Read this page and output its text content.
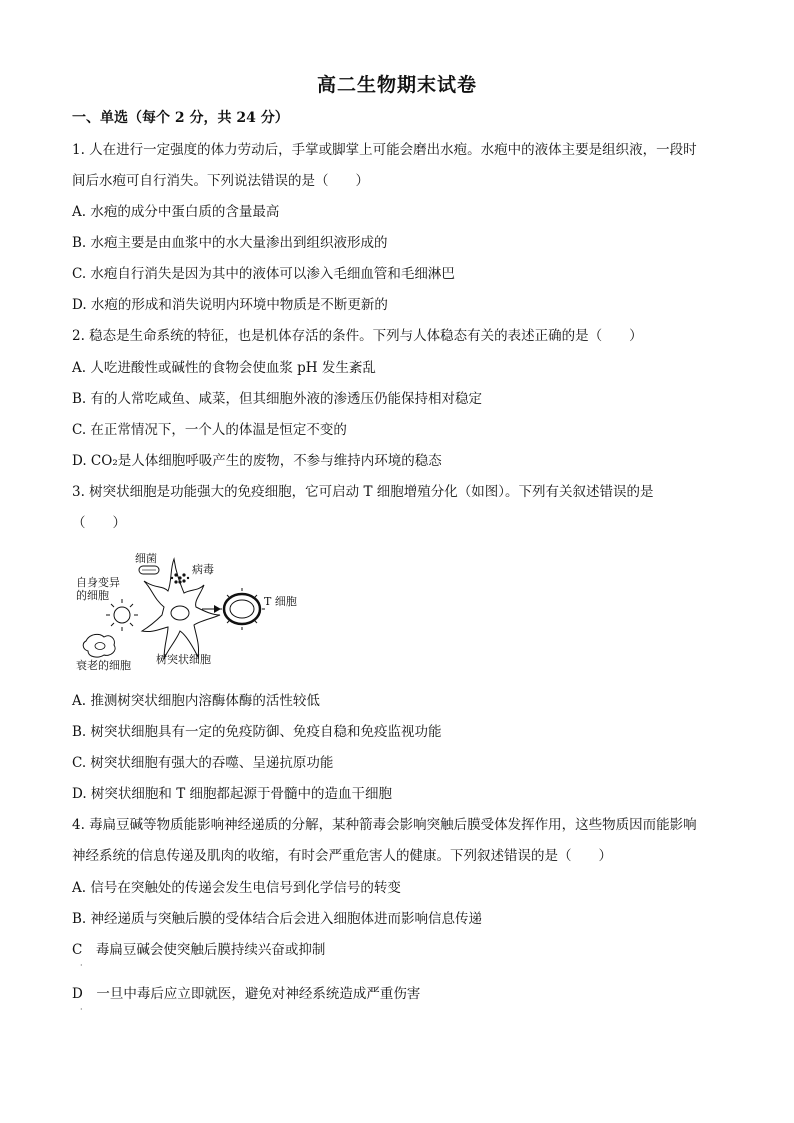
高二生物期末试卷
一、单选（每个 2 分，共 24 分）
1. 人在进行一定强度的体力劳动后，手掌或脚掌上可能会磨出水疱。水疱中的液体主要是组织液，一段时
间后水疱可自行消失。下列说法错误的是（　　）
A. 水疱的成分中蛋白质的含量最高
B. 水疱主要是由血浆中的水大量渗出到组织液形成的
C. 水疱自行消失是因为其中的液体可以渗入毛细血管和毛细淋巴
D. 水疱的形成和消失说明内环境中物质是不断更新的
2. 稳态是生命系统的特征，也是机体存活的条件。下列与人体稳态有关的表述正确的是（　　）
A. 人吃进酸性或碱性的食物会使血浆 pH 发生紊乱
B. 有的人常吃咸鱼、咸菜，但其细胞外液的渗透压仍能保持相对稳定
C. 在正常情况下，一个人的体温是恒定不变的
D. CO₂是人体细胞呼吸产生的废物，不参与维持内环境的稳态
3. 树突状细胞是功能强大的免疫细胞，它可启动 T 细胞增殖分化（如图）。下列有关叙述错误的是
（　　）
细菌
病毒
自身变异
的细胞
衰老的细胞
T 细胞
树突状细胞
A. 推测树突状细胞内溶酶体酶的活性较低
B. 树突状细胞具有一定的免疫防御、免疫自稳和免疫监视功能
C. 树突状细胞有强大的吞噬、呈递抗原功能
D. 树突状细胞和 T 细胞都起源于骨髓中的造血干细胞
4. 毒扁豆碱等物质能影响神经递质的分解，某种箭毒会影响突触后膜受体发挥作用，这些物质因而能影响
神经系统的信息传递及肌肉的收缩，有时会严重危害人的健康。下列叙述错误的是（　　）
A. 信号在突触处的传递会发生电信号到化学信号的转变
B. 神经递质与突触后膜的受体结合后会进入细胞体进而影响信息传递
C　毒扁豆碱会使突触后膜持续兴奋或抑制
·
D　一旦中毒后应立即就医，避免对神经系统造成严重伤害
·
